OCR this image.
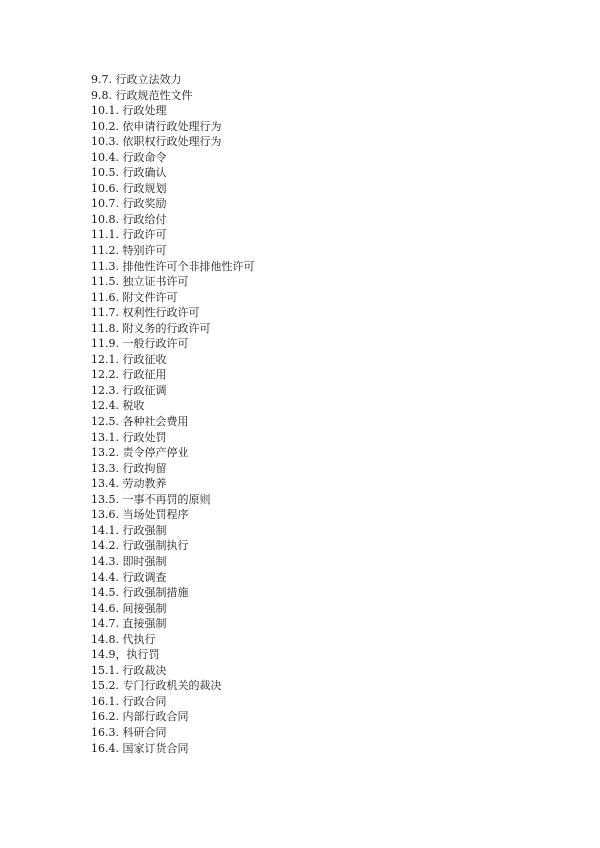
9.7. 行政立法效力
9.8. 行政规范性文件
10.1. 行政处理
10.2. 依申请行政处理行为
10.3. 依职权行政处理行为
10.4. 行政命令
10.5. 行政确认
10.6. 行政规划
10.7. 行政奖励
10.8. 行政给付
11.1. 行政许可
11.2. 特别许可
11.3. 排他性许可个非排他性许可
11.5. 独立证书许可
11.6. 附文件许可
11.7. 权利性行政许可
11.8. 附义务的行政许可
11.9. 一般行政许可
12.1. 行政征收
12.2. 行政征用
12.3. 行政征调
12.4. 税收
12.5. 各种社会费用
13.1. 行政处罚
13.2. 责令停产停业
13.3. 行政拘留
13.4. 劳动教养
13.5. 一事不再罚的原则
13.6. 当场处罚程序
14.1. 行政强制
14.2. 行政强制执行
14.3. 即时强制
14.4. 行政调查
14.5. 行政强制措施
14.6. 间接强制
14.7. 直接强制
14.8. 代执行
14.9，执行罚
15.1. 行政裁决
15.2. 专门行政机关的裁决
16.1. 行政合同
16.2. 内部行政合同
16.3. 科研合同
16.4. 国家订货合同
